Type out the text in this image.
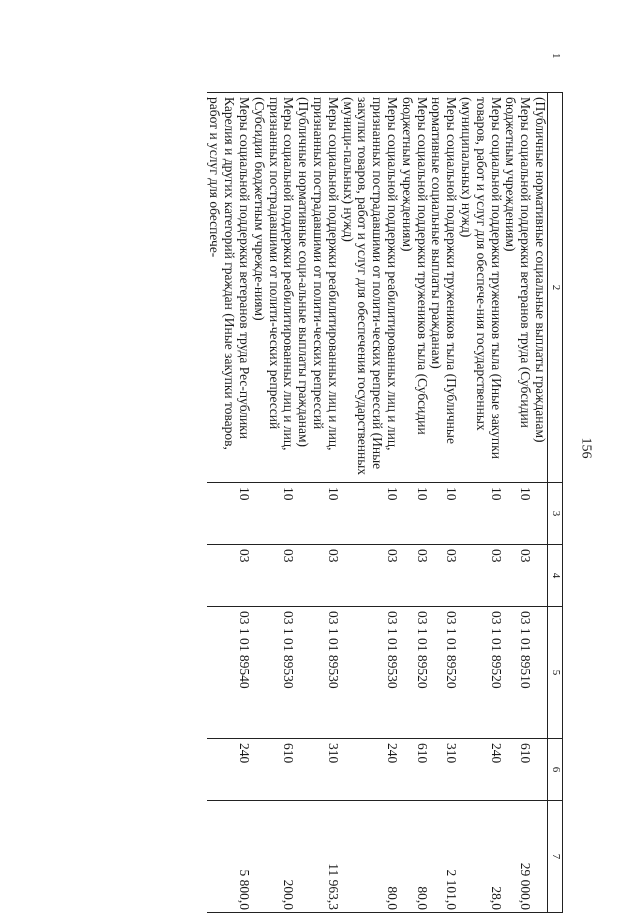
156
1
2	3	4	5	6	7
(Публичные нормативные социальные выплаты гражданам)					
Меры социальной поддержки ветеранов труда (Субсидии бюджетным учреждениям)	10	03	03 1 01 89510	610	29 000,0
Меры социальной поддержки тружеников тыла (Иные закупки товаров, работ и услуг для обеспече-ния государственных (муниципальных) нужд)	10	03	03 1 01 89520	240	28,0
Меры социальной поддержки тружеников тыла (Публичные нормативные социальные выплаты гражданам)	10	03	03 1 01 89520	310	2 101,0
Меры социальной поддержки тружеников тыла (Субсидии бюджетным учреждениям)	10	03	03 1 01 89520	610	80,0
Меры социальной поддержки реабилитированных лиц и лиц, признанных пострадавшими от полити-ческих репрессий (Иные закупки товаров, работ и услуг для обеспечения государственных (муници-пальных) нужд)	10	03	03 1 01 89530	240	80,0
Меры социальной поддержки реабилитированных лиц и лиц, признанных пострадавшими от полити-ческих репрессий (Публичные нормативные соци-альные выплаты гражданам)	10	03	03 1 01 89530	310	11 963,3
Меры социальной поддержки реабилитированных лиц и лиц, признанных пострадавшими от полити-ческих репрессий (Субсидии бюджетным учрежде-ниям)	10	03	03 1 01 89530	610	200,0
Меры социальной поддержки ветеранов труда Рес-публики Карелия и других категорий граждан (Иные закупки товаров, работ и услуг для обеспече-	10	03	03 1 01 89540	240	5 800,0
